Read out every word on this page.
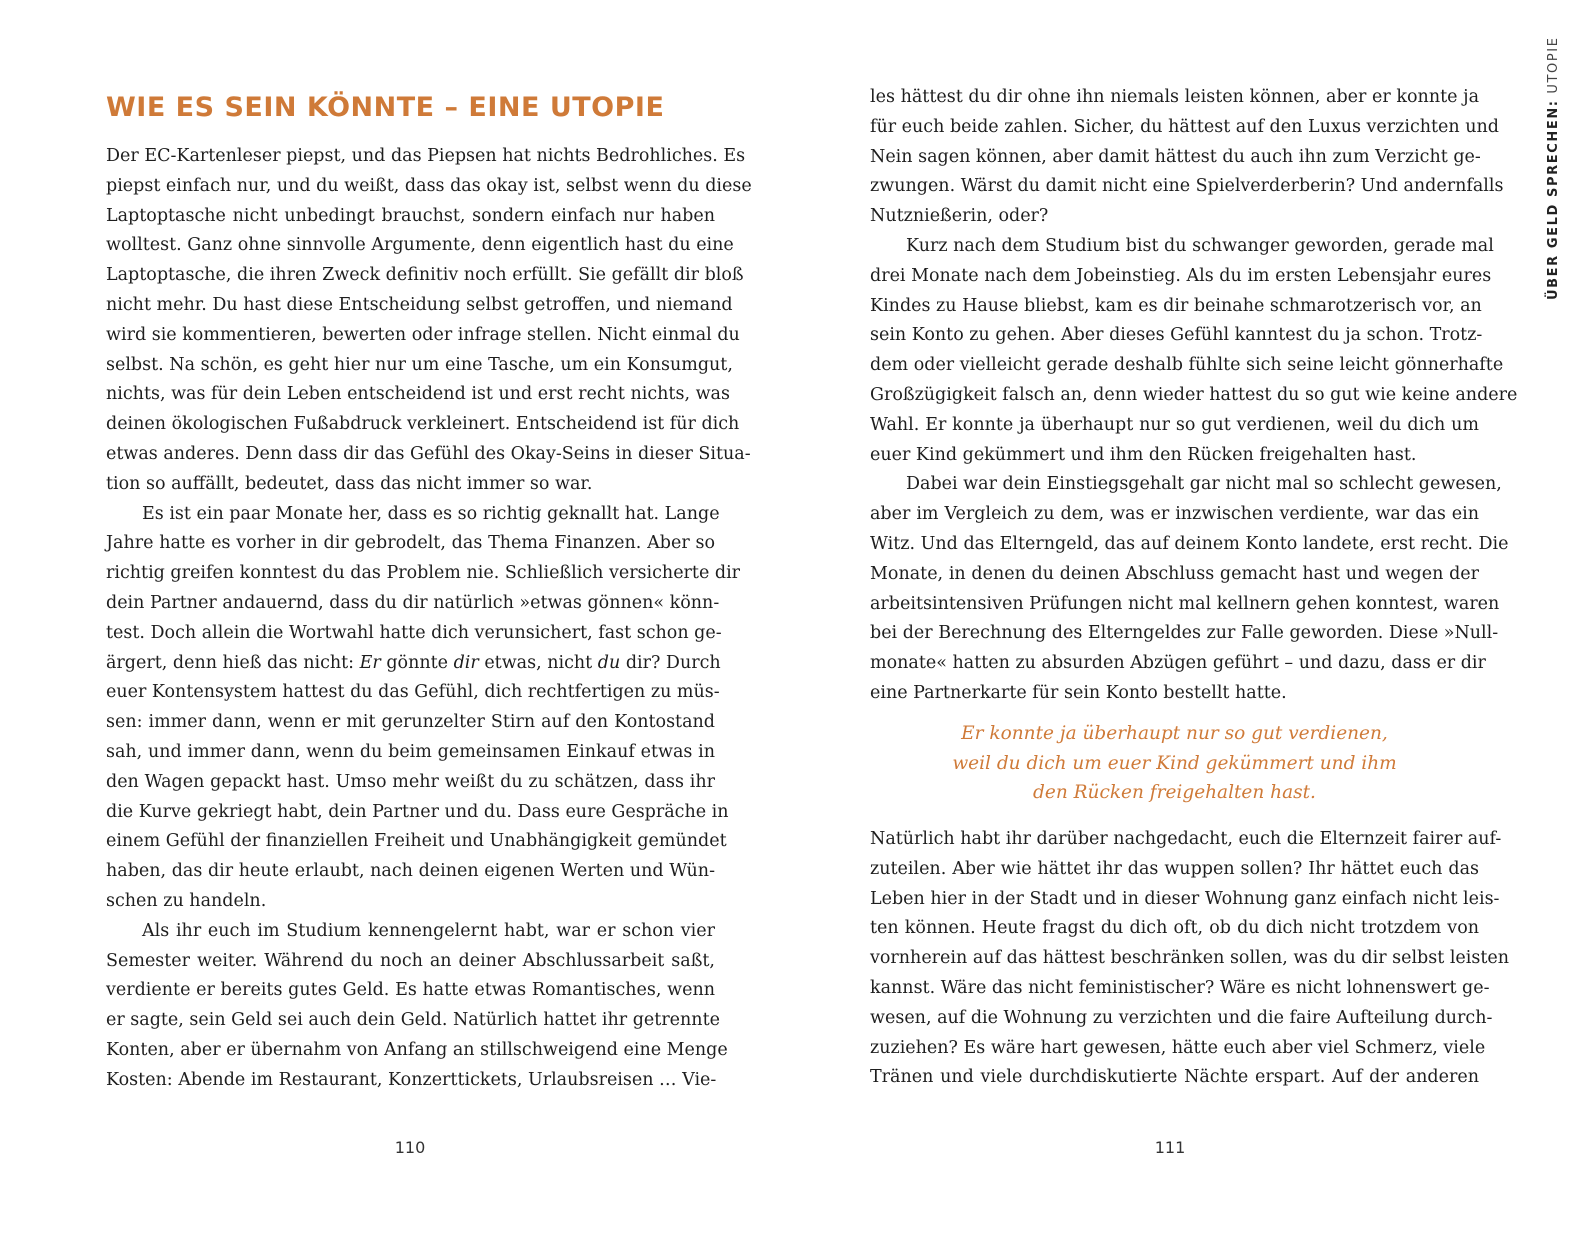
WIE ES SEIN KÖNNTE – EINE UTOPIE
Der EC-Kartenleser piepst, und das Piepsen hat nichts Bedrohliches. Es
piepst einfach nur, und du weißt, dass das okay ist, selbst wenn du diese
Laptoptasche nicht unbedingt brauchst, sondern einfach nur haben
wolltest. Ganz ohne sinnvolle Argumente, denn eigentlich hast du eine
Laptoptasche, die ihren Zweck definitiv noch erfüllt. Sie gefällt dir bloß
nicht mehr. Du hast diese Entscheidung selbst getroffen, und niemand
wird sie kommentieren, bewerten oder infrage stellen. Nicht einmal du
selbst. Na schön, es geht hier nur um eine Tasche, um ein Konsumgut,
nichts, was für dein Leben entscheidend ist und erst recht nichts, was
deinen ökologischen Fußabdruck verkleinert. Entscheidend ist für dich
etwas anderes. Denn dass dir das Gefühl des Okay-Seins in dieser Situa-
tion so auffällt, bedeutet, dass das nicht immer so war.
Es ist ein paar Monate her, dass es so richtig geknallt hat. Lange
Jahre hatte es vorher in dir gebrodelt, das Thema Finanzen. Aber so
richtig greifen konntest du das Problem nie. Schließlich versicherte dir
dein Partner andauernd, dass du dir natürlich »etwas gönnen« könn-
test. Doch allein die Wortwahl hatte dich verunsichert, fast schon ge-
ärgert, denn hieß das nicht: Er gönnte dir etwas, nicht du dir? Durch
euer Kontensystem hattest du das Gefühl, dich rechtfertigen zu müs-
sen: immer dann, wenn er mit gerunzelter Stirn auf den Kontostand
sah, und immer dann, wenn du beim gemeinsamen Einkauf etwas in
den Wagen gepackt hast. Umso mehr weißt du zu schätzen, dass ihr
die Kurve gekriegt habt, dein Partner und du. Dass eure Gespräche in
einem Gefühl der finanziellen Freiheit und Unabhängigkeit gemündet
haben, das dir heute erlaubt, nach deinen eigenen Werten und Wün-
schen zu handeln.
Als ihr euch im Studium kennengelernt habt, war er schon vier
Semester weiter. Während du noch an deiner Abschlussarbeit saßt,
verdiente er bereits gutes Geld. Es hatte etwas Romantisches, wenn
er sagte, sein Geld sei auch dein Geld. Natürlich hattet ihr getrennte
Konten, aber er übernahm von Anfang an stillschweigend eine Menge
Kosten: Abende im Restaurant, Konzerttickets, Urlaubsreisen … Vie-
110
les hättest du dir ohne ihn niemals leisten können, aber er konnte ja
für euch beide zahlen. Sicher, du hättest auf den Luxus verzichten und
Nein sagen können, aber damit hättest du auch ihn zum Verzicht ge-
zwungen. Wärst du damit nicht eine Spielverderberin? Und andernfalls
Nutznießerin, oder?
Kurz nach dem Studium bist du schwanger geworden, gerade mal
drei Monate nach dem Jobeinstieg. Als du im ersten Lebensjahr eures
Kindes zu Hause bliebst, kam es dir beinahe schmarotzerisch vor, an
sein Konto zu gehen. Aber dieses Gefühl kanntest du ja schon. Trotz-
dem oder vielleicht gerade deshalb fühlte sich seine leicht gönnerhafte
Großzügigkeit falsch an, denn wieder hattest du so gut wie keine andere
Wahl. Er konnte ja überhaupt nur so gut verdienen, weil du dich um
euer Kind gekümmert und ihm den Rücken freigehalten hast.
Dabei war dein Einstiegsgehalt gar nicht mal so schlecht gewesen,
aber im Vergleich zu dem, was er inzwischen verdiente, war das ein
Witz. Und das Elterngeld, das auf deinem Konto landete, erst recht. Die
Monate, in denen du deinen Abschluss gemacht hast und wegen der
arbeitsintensiven Prüfungen nicht mal kellnern gehen konntest, waren
bei der Berechnung des Elterngeldes zur Falle geworden. Diese »Null-
monate« hatten zu absurden Abzügen geführt – und dazu, dass er dir
eine Partnerkarte für sein Konto bestellt hatte.
Er konnte ja überhaupt nur so gut verdienen,
weil du dich um euer Kind gekümmert und ihm
den Rücken freigehalten hast.
Natürlich habt ihr darüber nachgedacht, euch die Elternzeit fairer auf-
zuteilen. Aber wie hättet ihr das wuppen sollen? Ihr hättet euch das
Leben hier in der Stadt und in dieser Wohnung ganz einfach nicht leis-
ten können. Heute fragst du dich oft, ob du dich nicht trotzdem von
vornherein auf das hättest beschränken sollen, was du dir selbst leisten
kannst. Wäre das nicht feministischer? Wäre es nicht lohnenswert ge-
wesen, auf die Wohnung zu verzichten und die faire Aufteilung durch-
zuziehen? Es wäre hart gewesen, hätte euch aber viel Schmerz, viele
Tränen und viele durchdiskutierte Nächte erspart. Auf der anderen
111
ÜBER GELD SPRECHEN: UTOPIE
